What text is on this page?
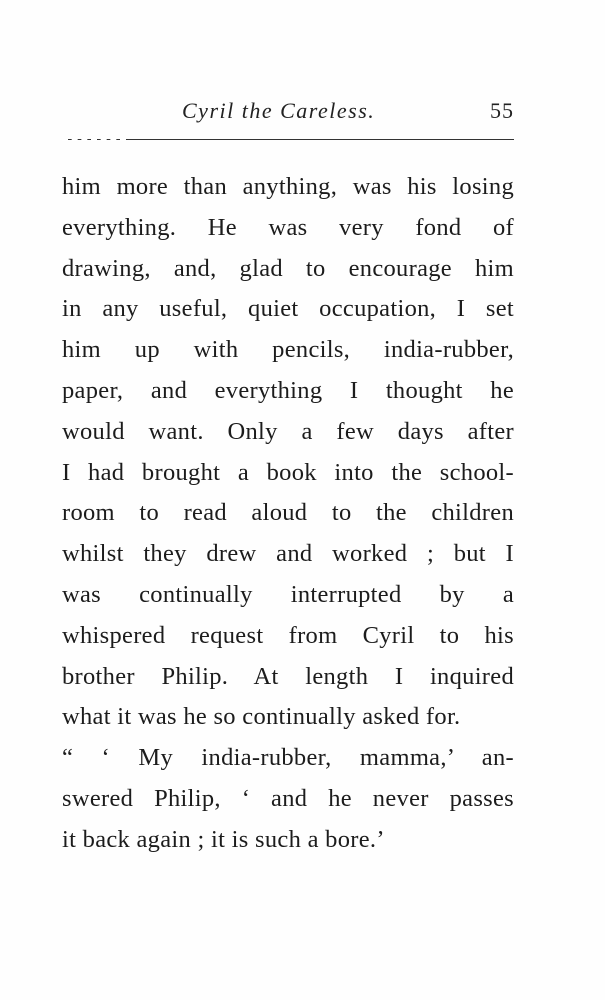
Cyril the Careless.	55
him more than anything, was his losing
everything. He was very fond of
drawing, and, glad to encourage him
in any useful, quiet occupation, I set
him up with pencils, india-rubber,
paper, and everything I thought he
would want. Only a few days after
I had brought a book into the school-
room to read aloud to the children
whilst they drew and worked ; but I
was continually interrupted by a
whispered request from Cyril to his
brother Philip. At length I inquired
what it was he so continually asked for.
“ ‘ My india-rubber, mamma,’ an-
swered Philip, ‘ and he never passes
it back again ; it is such a bore.’
